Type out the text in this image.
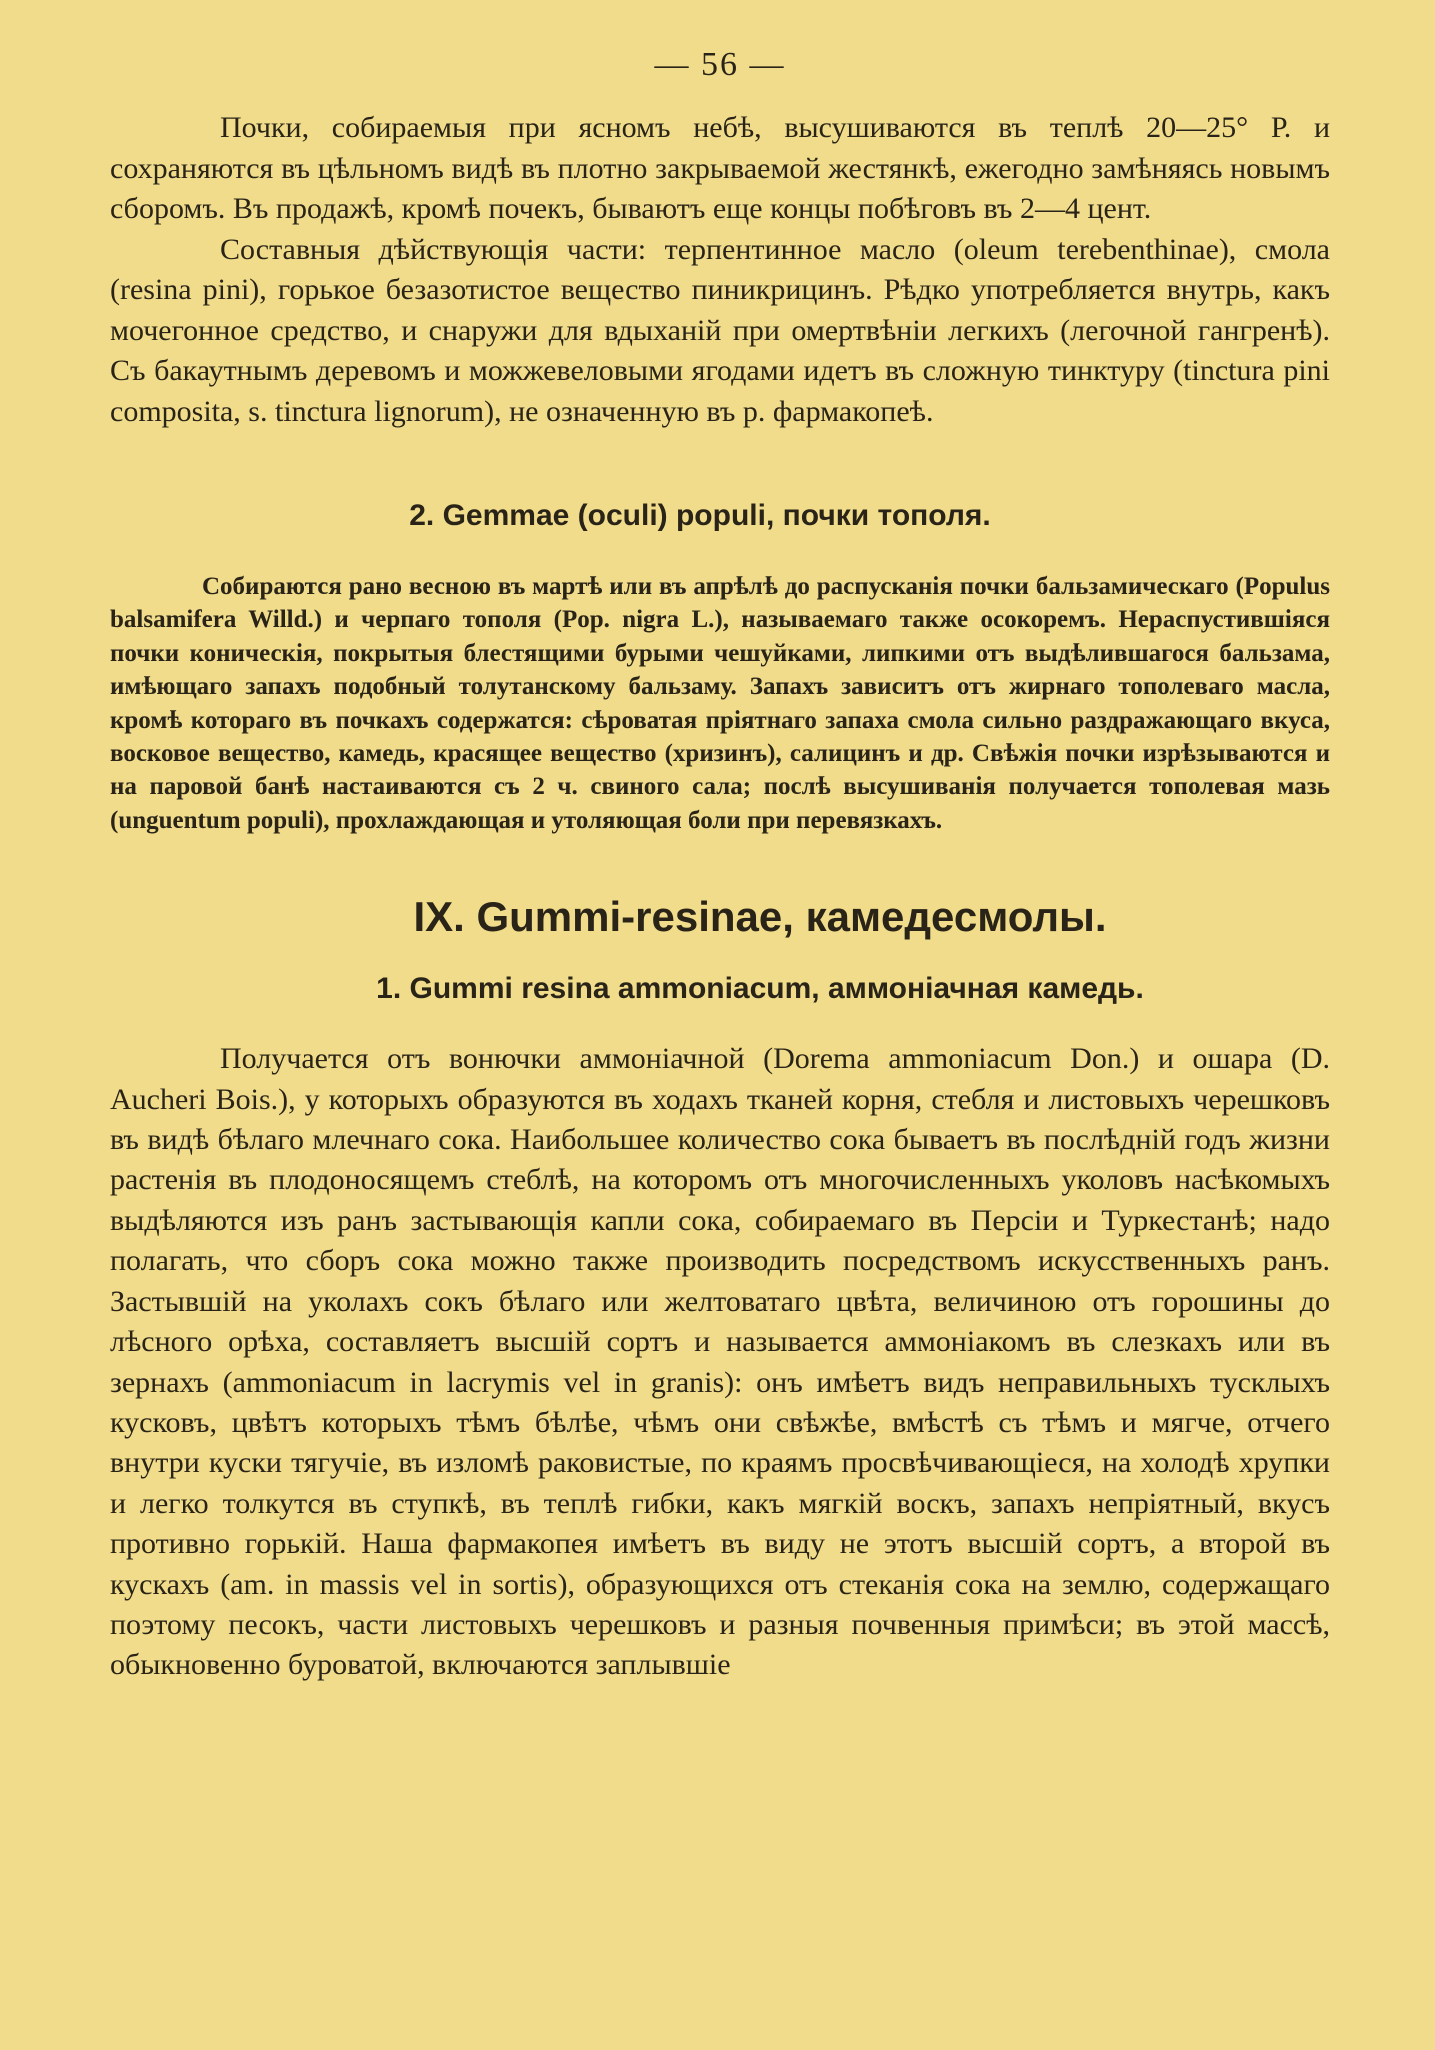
— 56 —

Почки, собираемыя при ясномъ небѣ, высушиваются въ теплѣ 20—25° Р. и сохраняются въ цѣльномъ видѣ въ плотно закрываемой жестянкѣ, ежегодно замѣняясь новымъ сборомъ. Въ продажѣ, кромѣ почекъ, бываютъ еще концы побѣговъ въ 2—4 цент.

Составныя дѣйствующія части: терпентинное масло (oleum terebenthinae), смола (resina pini), горькое безазотистое вещество пиникрицинъ. Рѣдко употребляется внутрь, какъ мочегонное средство, и снаружи для вдыханій при омертвѣніи легкихъ (легочной гангренѣ). Съ бакаутнымъ деревомъ и можжевеловыми ягодами идетъ въ сложную тинктуру (tinctura pini composita, s. tinctura lignorum), не означенную въ р. фармакопеѣ.

2. Gemmae (oculi) populi, почки тополя.

Собираются рано весною въ мартѣ или въ апрѣлѣ до распусканія почки бальзамическаго (Populus balsamifera Willd.) и черпаго тополя (Pop. nigra L.), называемаго также осокоремъ. Нераспустившіяся почки коническія, покрытыя блестящими бурыми чешуйками, липкими отъ выдѣлившагося бальзама, имѣющаго запахъ подобный толутанскому бальзаму. Запахъ зависитъ отъ жирнаго тополеваго масла, кромѣ котораго въ почкахъ содержатся: сѣроватая пріятнаго запаха смола сильно раздражающаго вкуса, восковое вещество, камедь, красящее вещество (хризинъ), салицинъ и др. Свѣжія почки изрѣзываются и на паровой банѣ настаиваются съ 2 ч. свиного сала; послѣ высушиванія получается тополевая мазь (unguentum populi), прохлаждающая и утоляющая боли при перевязкахъ.

IX. Gummi-resinae, камедесмолы.
1. Gummi resina ammoniacum, аммоніачная камедь.

Получается отъ вонючки аммоніачной (Dorema ammoniacum Don.) и ошара (D. Aucheri Bois.), у которыхъ образуются въ ходахъ тканей корня, стебля и листовыхъ черешковъ въ видѣ бѣлаго млечнаго сока. Наибольшее количество сока бываетъ въ послѣдній годъ жизни растенія въ плодоносящемъ стеблѣ, на которомъ отъ многочисленныхъ уколовъ насѣкомыхъ выдѣляются изъ ранъ застывающія капли сока, собираемаго въ Персіи и Туркестанѣ; надо полагать, что сборъ сока можно также производить посредствомъ искусственныхъ ранъ. Застывшій на уколахъ сокъ бѣлаго или желтоватаго цвѣта, величиною отъ горошины до лѣсного орѣха, составляетъ высшій сортъ и называется аммоніакомъ въ слезкахъ или въ зернахъ (ammoniacum in lacrymis vel in granis): онъ имѣетъ видъ неправильныхъ тусклыхъ кусковъ, цвѣтъ которыхъ тѣмъ бѣлѣе, чѣмъ они свѣжѣе, вмѣстѣ съ тѣмъ и мягче, отчего внутри куски тягучіе, въ изломѣ раковистые, по краямъ просвѣчивающіеся, на холодѣ хрупки и легко толкутся въ ступкѣ, въ теплѣ гибки, какъ мягкій воскъ, запахъ непріятный, вкусъ противно горькій. Наша фармакопея имѣетъ въ виду не этотъ высшій сортъ, а второй въ кускахъ (am. in massis vel in sortis), образующихся отъ стеканія сока на землю, содержащаго поэтому песокъ, части листовыхъ черешковъ и разныя почвенныя примѣси; въ этой массѣ, обыкновенно буроватой, включаются заплывшіе
